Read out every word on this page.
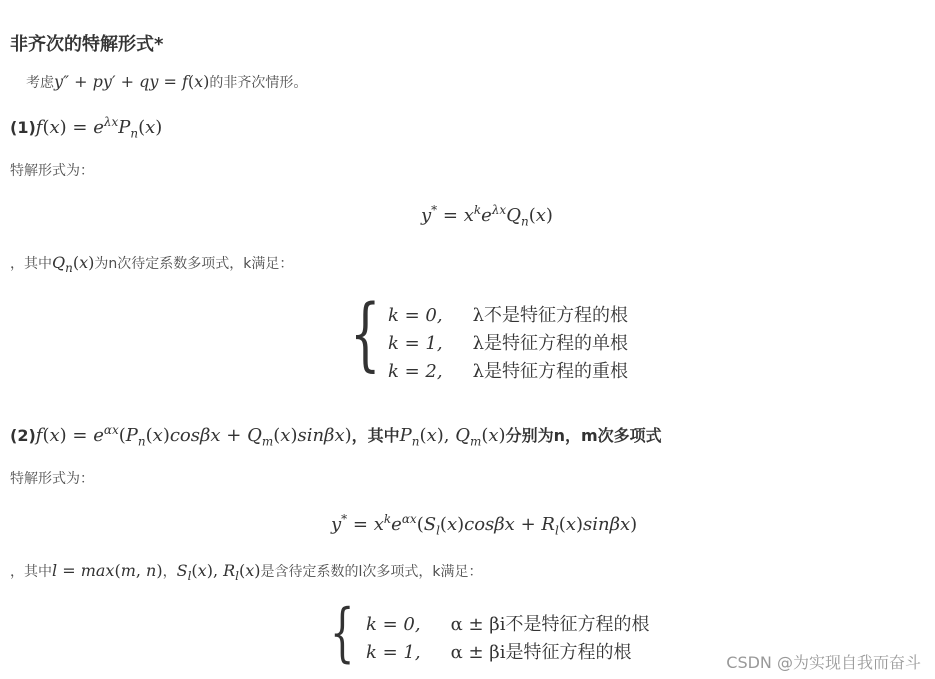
非齐次的特解形式*
考虑y″ + py′ + qy = f(x)的非齐次情形。
$(1)f(x) = e^{\lambda x}P_n(x)$
特解形式为：
$y^* = x^ke^{\lambda x}Q_n(x)$
，其中$Q_n(x)$为n次待定系数多项式，k满足：
{ k = 0, λ不是特征方程的根
k = 1, λ是特征方程的单根
k = 2, λ是特征方程的重根
$(2)f(x) = e^{\alpha x}(P_n(x)\cos\beta x + Q_m(x)\sin\beta x)$，其中$P_n(x)$, $Q_m(x)$分别为n，m次多项式
特解形式为：
$y^* = x^ke^{\alpha x}(S_l(x)\cos\beta x + R_l(x)\sin\beta x)$
，其中l = max(m, n)，$S_l(x)$, $R_l(x)$是含待定系数的l次多项式，k满足：
{ k = 0, α ± βi不是特征方程的根
k = 1, α ± βi是特征方程的根	CSDN @为实现自我而奋斗
